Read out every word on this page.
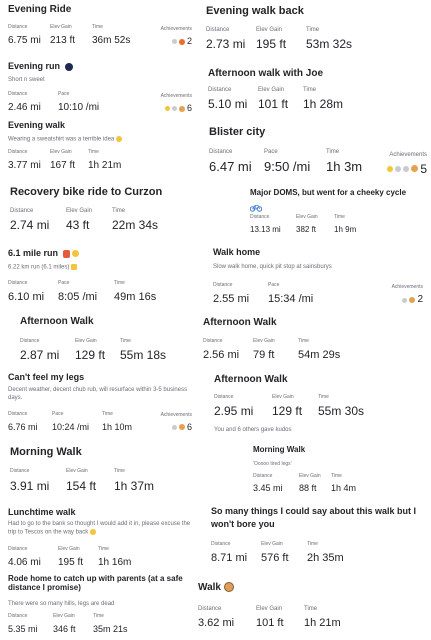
Evening Ride
Distance
6.75 mi
Elev Gain
213 ft
Time
36m 52s
Achievements
2
Evening run
Short n sweet
Distance
2.46 mi
Pace
10:10 /mi
Achievements
6
Evening walk
Wearing a sweatshirt was a terrible idea
Distance
3.77 mi
Elev Gain
167 ft
Time
1h 21m
Recovery bike ride to Curzon
Distance
2.74 mi
Elev Gain
43 ft
Time
22m 34s
6.1 mile run
6.22 km run (6.1 miles)
Distance
6.10 mi
Pace
8:05 /mi
Time
49m 16s
Afternoon Walk
Distance
2.87 mi
Elev Gain
129 ft
Time
55m 18s
Can't feel my legs
Decent weather, decent chub rub, will resurface within 3-5 business days.
Distance
6.76 mi
Pace
10:24 /mi
Time
1h 10m
Achievements
6
Morning Walk
Distance
3.91 mi
Elev Gain
154 ft
Time
1h 37m
Lunchtime walk
Had to go to the bank so thought I would add it in, please excuse the trip to Tescos on the way back
Distance
4.06 mi
Elev Gain
195 ft
Time
1h 16m
Rode home to catch up with parents (at a safe distance I promise)
There were so many hills, legs are dead
Distance
5.35 mi
Elev Gain
346 ft
Time
35m 21s
Evening walk back
Distance
2.73 mi
Elev Gain
195 ft
Time
53m 32s
Afternoon walk with Joe
Distance
5.10 mi
Elev Gain
101 ft
Time
1h 28m
Blister city
Distance
6.47 mi
Pace
9:50 /mi
Time
1h 3m
Achievements
5
Major DOMS, but went for a cheeky cycle
Distance
13.13 mi
Elev Gain
382 ft
Time
1h 9m
Walk home
Slow walk home, quick pit stop at sainsburys
Distance
2.55 mi
Pace
15:34 /mi
Achievements
2
Afternoon Walk
Distance
2.56 mi
Elev Gain
79 ft
Time
54m 29s
Afternoon Walk
Distance
2.95 mi
Elev Gain
129 ft
Time
55m 30s
You and 6 others gave kudos
Morning Walk
'Ooooo tired legs'
Distance
3.45 mi
Elev Gain
88 ft
Time
1h 4m
So many things I could say about this walk but I won't bore you
Distance
8.71 mi
Elev Gain
576 ft
Time
2h 35m
Walk
Distance
3.62 mi
Elev Gain
101 ft
Time
1h 21m
